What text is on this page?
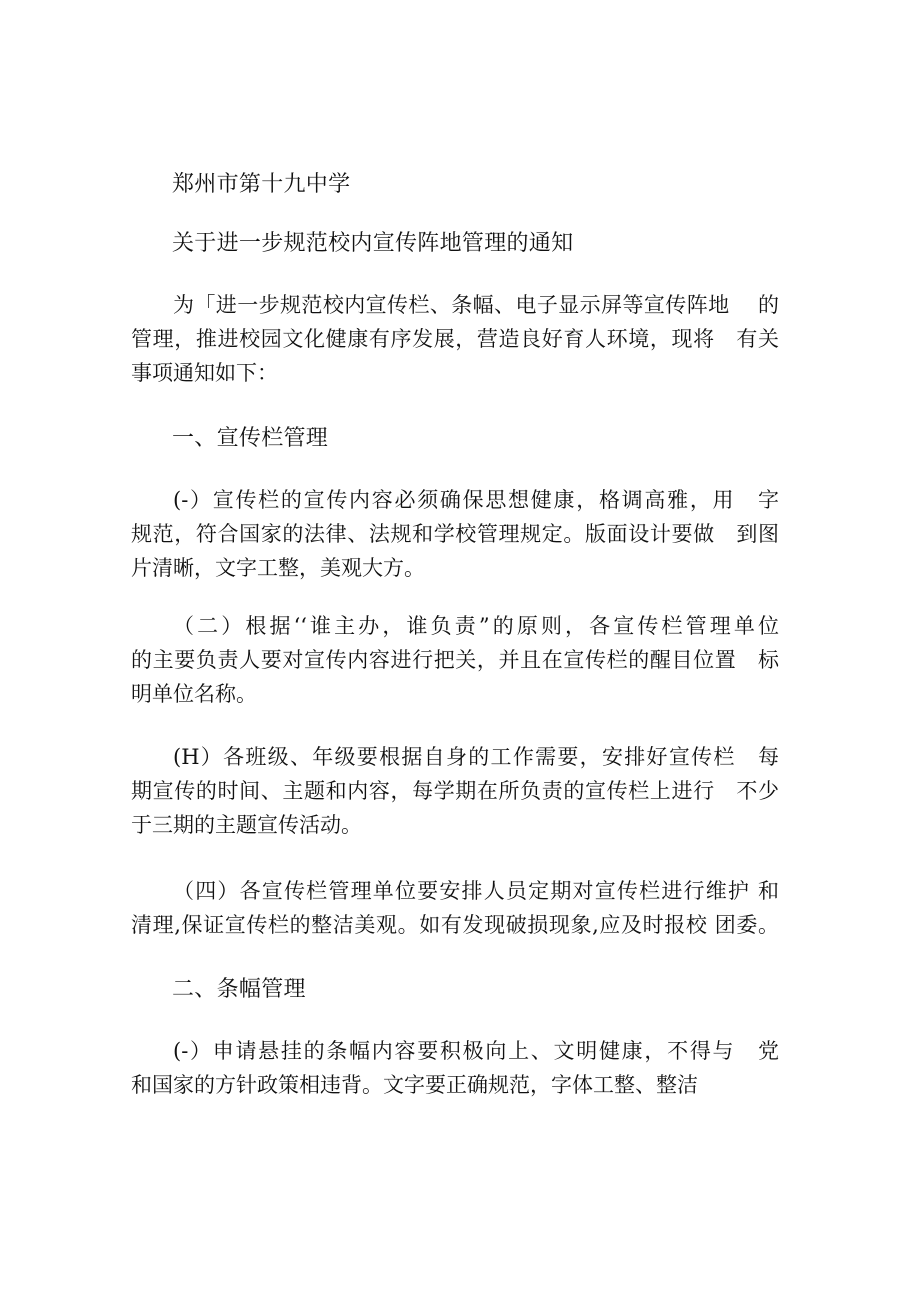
郑州市第十九中学
关于进一步规范校内宣传阵地管理的通知
为「进一步规范校内宣传栏、条幅、电子显示屏等宣传阵地　 的
管理，推进校园文化健康有序发展，营造良好育人环境，现将　有关
事项通知如下：
一、宣传栏管理
(-）宣传栏的宣传内容必须确保思想健康，格调高雅，用　字
规范，符合国家的法律、法规和学校管理规定。版面设计要做　到图
片清晰，文字工整，美观大方。
（二）根据‘‘谁主办，谁负责”的原则，各宣传栏管理单位
的主要负责人要对宣传内容进行把关，并且在宣传栏的醒目位置　标
明单位名称。
(H）各班级、年级要根据自身的工作需要，安排好宣传栏　每
期宣传的时间、主题和内容，每学期在所负责的宣传栏上进行　不少
于三期的主题宣传活动。
（四）各宣传栏管理单位要安排人员定期对宣传栏进行维护 和
清理,保证宣传栏的整洁美观。如有发现破损现象,应及时报校 团委。
二、条幅管理
(-）申请悬挂的条幅内容要积极向上、文明健康，不得与　党
和国家的方针政策相违背。文字要正确规范，字体工整、整洁
